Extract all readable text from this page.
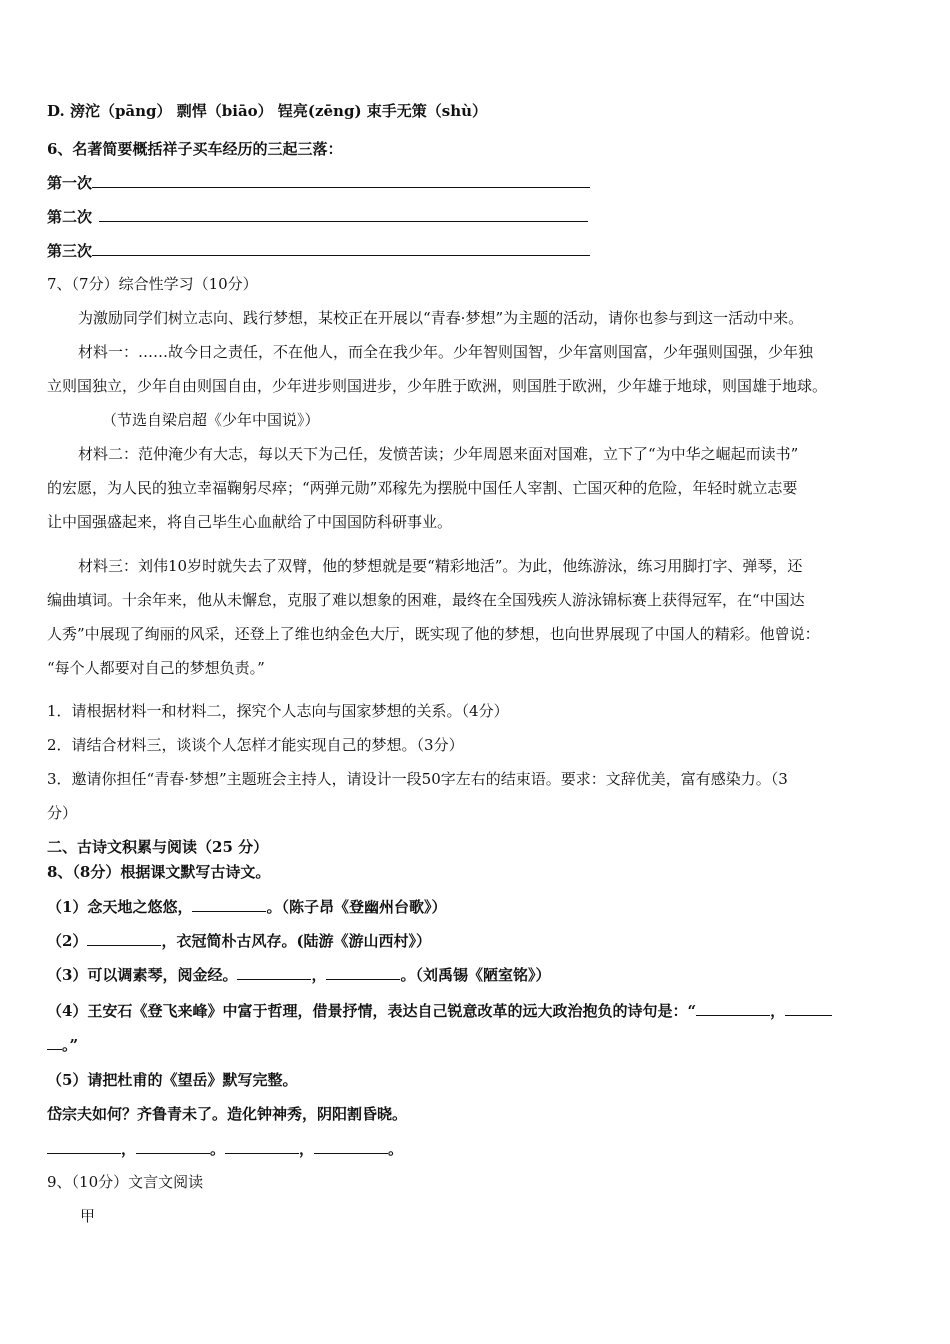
D. 滂沱（pāng） 剽悍（biāo） 锃亮(zēng) 束手无策（shù）
6、名著简要概括祥子买车经历的三起三落：
第一次
第二次
第三次
7、（7分）综合性学习（10分）
为激励同学们树立志向、践行梦想，某校正在开展以“青春·梦想”为主题的活动，请你也参与到这一活动中来。
材料一：……故今日之责任，不在他人，而全在我少年。少年智则国智，少年富则国富，少年强则国强，少年独
立则国独立，少年自由则国自由，少年进步则国进步，少年胜于欧洲，则国胜于欧洲，少年雄于地球，则国雄于地球。
（节选自梁启超《少年中国说》）
材料二：范仲淹少有大志，每以天下为己任，发愤苦读；少年周恩来面对国难，立下了“为中华之崛起而读书”
的宏愿，为人民的独立幸福鞠躬尽瘁；“两弹元勋”邓稼先为摆脱中国任人宰割、亡国灭种的危险，年轻时就立志要
让中国强盛起来，将自己毕生心血献给了中国国防科研事业。
材料三：刘伟10岁时就失去了双臂，他的梦想就是要“精彩地活”。为此，他练游泳，练习用脚打字、弹琴，还
编曲填词。十余年来，他从未懈怠，克服了难以想象的困难，最终在全国残疾人游泳锦标赛上获得冠军，在“中国达
人秀”中展现了绚丽的风采，还登上了维也纳金色大厅，既实现了他的梦想，也向世界展现了中国人的精彩。他曾说：
“每个人都要对自己的梦想负责。”
1．请根据材料一和材料二，探究个人志向与国家梦想的关系。（4分）
2．请结合材料三，谈谈个人怎样才能实现自己的梦想。（3分）
3．邀请你担任“青春·梦想”主题班会主持人，请设计一段50字左右的结束语。要求：文辞优美，富有感染力。（3
分）
二、古诗文积累与阅读（25 分）
8、（8分）根据课文默写古诗文。
（1）念天地之悠悠，	。（陈子昂《登幽州台歌》）
（2）	，衣冠简朴古风存。(陆游《游山西村》）
（3）可以调素琴，阅金经。	，	。（刘禹锡《陋室铭》）
（4）王安石《登飞来峰》中富于哲理，借景抒情，表达自己锐意改革的远大政治抱负的诗句是：“	，
。”
（5）请把杜甫的《望岳》默写完整。
岱宗夫如何？齐鲁青未了。造化钟神秀，阴阳割昏晓。
，	。	，	。
9、（10分）文言文阅读
甲
